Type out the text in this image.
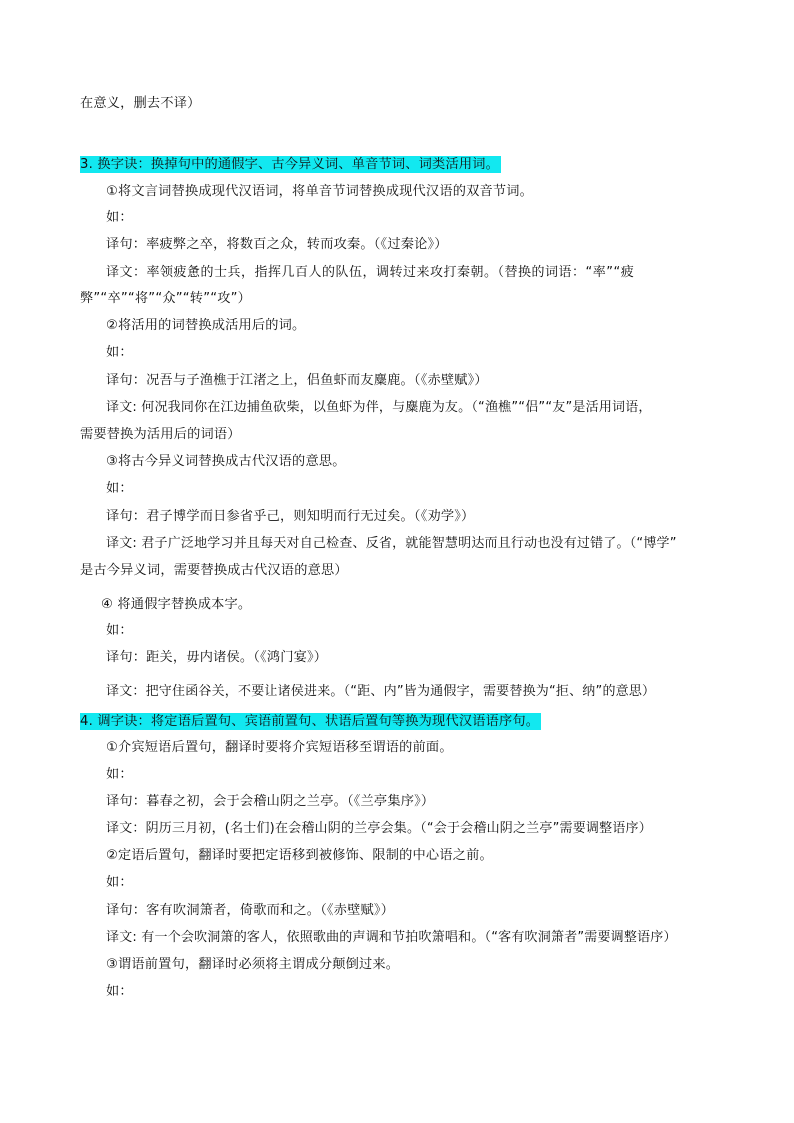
在意义，删去不译）
3. 换字诀：换掉句中的通假字、古今异义词、单音节词、词类活用词。
①将文言词替换成现代汉语词，将单音节词替换成现代汉语的双音节词。
如：
译句：率疲弊之卒，将数百之众，转而攻秦。（《过秦论》）
译文：率领疲惫的士兵，指挥几百人的队伍，调转过来攻打秦朝。（替换的词语：“率”“疲
弊”“卒”“将”“众”“转”“攻”）
②将活用的词替换成活用后的词。
如：
译句：况吾与子渔樵于江渚之上，侣鱼虾而友麋鹿。（《赤壁赋》）
译文: 何况我同你在江边捕鱼砍柴，以鱼虾为伴，与麋鹿为友。（“渔樵”“侣”“友”是活用词语，
需要替换为活用后的词语）
③将古今异义词替换成古代汉语的意思。
如：
译句：君子博学而日参省乎己，则知明而行无过矣。（《劝学》）
译文: 君子广泛地学习并且每天对自己检查、反省，就能智慧明达而且行动也没有过错了。（“博学”
是古今异义词，需要替换成古代汉语的意思）
④ 将通假字替换成本字。
如：
译句：距关，毋内诸侯。（《鸿门宴》）
译文：把守住函谷关，不要让诸侯进来。（“距、内”皆为通假字，需要替换为“拒、纳”的意思）
4. 调字诀：将定语后置句、宾语前置句、状语后置句等换为现代汉语语序句。
①介宾短语后置句，翻译时要将介宾短语移至谓语的前面。
如：
译句：暮春之初，会于会稽山阴之兰亭。（《兰亭集序》）
译文：阴历三月初，(名士们)在会稽山阴的兰亭会集。（“会于会稽山阴之兰亭”需要调整语序）
②定语后置句，翻译时要把定语移到被修饰、限制的中心语之前。
如：
译句：客有吹洞箫者，倚歌而和之。（《赤壁赋》）
译文: 有一个会吹洞箫的客人，依照歌曲的声调和节拍吹箫唱和。（“客有吹洞箫者”需要调整语序）
③谓语前置句，翻译时必须将主谓成分颠倒过来。
如：
